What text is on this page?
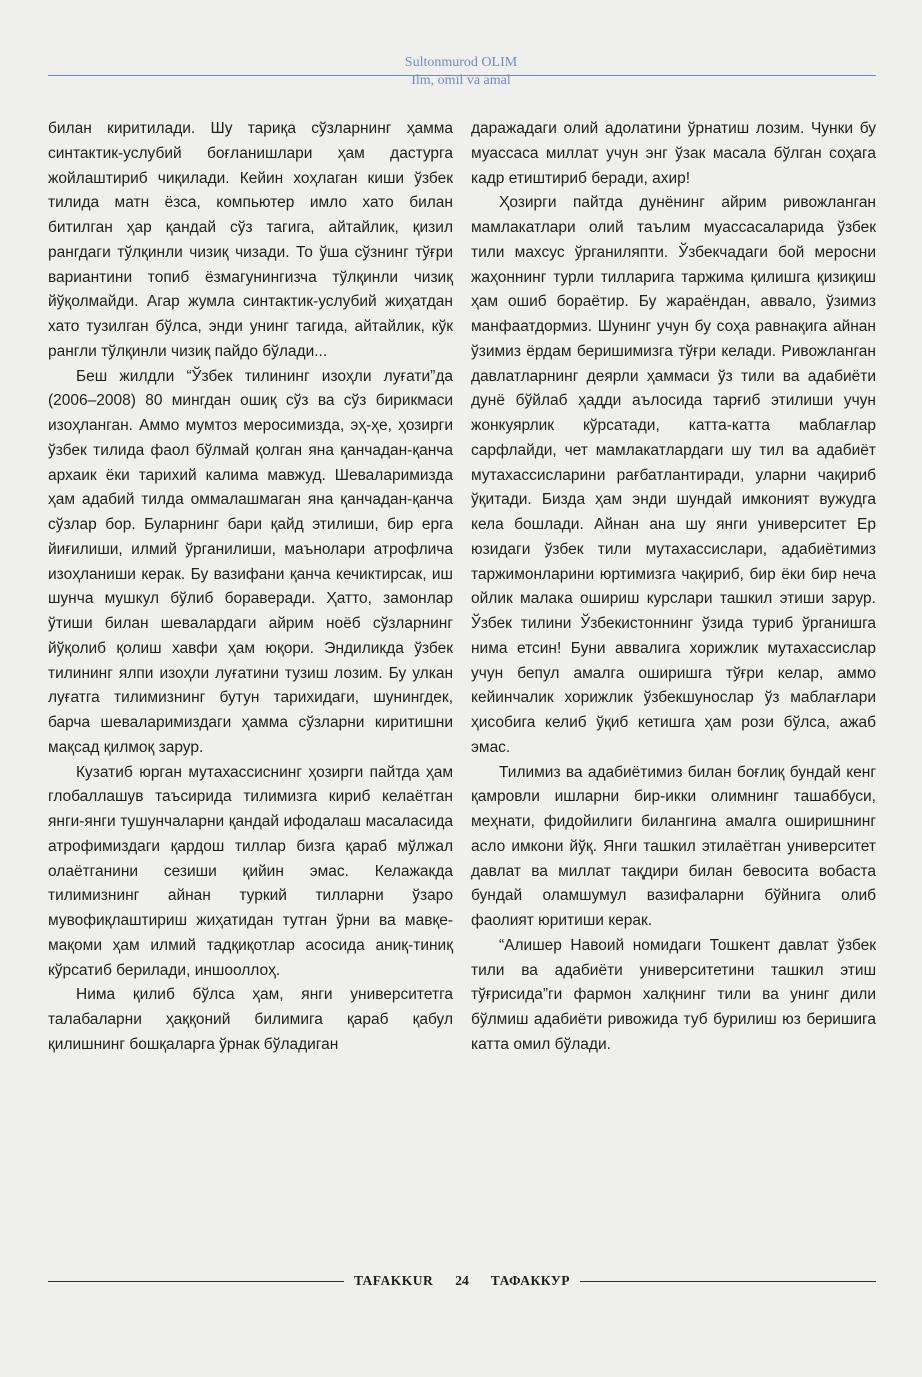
Sultonmurod OLIM
Ilm, omil va amal

билан киритилади. Шу тариқа сўзларнинг ҳамма синтактик-услубий боғланишлари ҳам дастурга жойлаштириб чиқилади. Кейин хоҳлаган киши ўзбек тилида матн ёзса, компьютер имло хато билан битилган ҳар қандай сўз тагига, айтайлик, қизил рангдаги тўлқинли чизиқ чизади. То ўша сўзнинг тўғри вариантини топиб ёзмагунингизча тўлқинли чизиқ йўқолмайди. Агар жумла синтактик-услубий жиҳатдан хато тузилган бўлса, энди унинг тагида, айтайлик, кўк рангли тўлқинли чизиқ пайдо бўлади...

Беш жилдли “Ўзбек тилининг изоҳли луғати”да (2006–2008) 80 мингдан ошиқ сўз ва сўз бирикмаси изоҳланган. Аммо мумтоз меросимизда, эҳ-ҳе, ҳозирги ўзбек тилида фаол бўлмай қолган яна қанчадан-қанча архаик ёки тарихий калима мавжуд. Шеваларимизда ҳам адабий тилда оммалашмаган яна қанчадан-қанча сўзлар бор. Буларнинг бари қайд этилиши, бир ерга йиғилиши, илмий ўрганилиши, маънолари атрофлича изоҳланиши керак. Бу вазифани қанча кечиктирсак, иш шунча мушкул бўлиб бораверади. Ҳатто, замонлар ўтиши билан шевалардаги айрим ноёб сўзларнинг йўқолиб қолиш хавфи ҳам юқори. Эндиликда ўзбек тилининг ялпи изоҳли луғатини тузиш лозим. Бу улкан луғатга тилимизнинг бутун тарихидаги, шунингдек, барча шеваларимиздаги ҳамма сўзларни киритишни мақсад қилмоқ зарур.

Кузатиб юрган мутахассиснинг ҳозирги пайтда ҳам глобаллашув таъсирида тилимизга кириб келаётган янги-янги тушунчаларни қандай ифодалаш масаласида атрофимиздаги қардош тиллар бизга қараб мўлжал олаётганини сезиши қийин эмас. Келажакда тилимизнинг айнан туркий тилларни ўзаро мувофиқлаштириш жиҳатидан тутган ўрни ва мавқе-мақоми ҳам илмий тадқиқотлар асосида аниқ-тиниқ кўрсатиб берилади, иншооллоҳ.

Нима қилиб бўлса ҳам, янги университетга талабаларни ҳаққоний билимига қараб қабул қилишнинг бошқаларга ўрнак бўладиган

даражадаги олий адолатини ўрнатиш лозим. Чунки бу муассаса миллат учун энг ўзак масала бўлган соҳага кадр етиштириб беради, ахир!

Ҳозирги пайтда дунёнинг айрим ривожланган мамлакатлари олий таълим муассасаларида ўзбек тили махсус ўрганиляпти. Ўзбекчадаги бой меросни жаҳоннинг турли тилларига таржима қилишга қизиқиш ҳам ошиб бораётир. Бу жараёндан, аввало, ўзимиз манфаатдормиз. Шунинг учун бу соҳа равнақига айнан ўзимиз ёрдам беришимизга тўғри келади. Ривожланган давлатларнинг деярли ҳаммаси ўз тили ва адабиёти дунё бўйлаб ҳадди аълосида тарғиб этилиши учун жонкуярлик кўрсатади, катта-катта маблағлар сарфлайди, чет мамлакатлардаги шу тил ва адабиёт мутахассисларини рағбатлантиради, уларни чақириб ўқитади. Бизда ҳам энди шундай имконият вужудга кела бошлади. Айнан ана шу янги университет Ер юзидаги ўзбек тили мутахассислари, адабиётимиз таржимонларини юртимизга чақириб, бир ёки бир неча ойлик малака ошириш курслари ташкил этиши зарур. Ўзбек тилини Ўзбекистоннинг ўзида туриб ўрганишга нима етсин! Буни аввалига хорижлик мутахассислар учун бепул амалга оширишга тўғри келар, аммо кейинчалик хорижлик ўзбекшунослар ўз маблағлари ҳисобига келиб ўқиб кетишга ҳам рози бўлса, ажаб эмас.

Тилимиз ва адабиётимиз билан боғлиқ бундай кенг қамровли ишларни бир-икки олимнинг ташаббуси, меҳнати, фидойилиги билангина амалга оширишнинг асло имкони йўқ. Янги ташкил этилаётган университет давлат ва миллат тақдири билан бевосита вобаста бундай оламшумул вазифаларни бўйнига олиб фаолият юритиши керак.

“Алишер Навоий номидаги Тошкент давлат ўзбек тили ва адабиёти университетини ташкил этиш тўғрисида”ги фармон халқнинг тили ва унинг дили бўлмиш адабиёти ривожида туб бурилиш юз беришига катта омил бўлади.

TAFAKKUR	24	ТАФАККУР
